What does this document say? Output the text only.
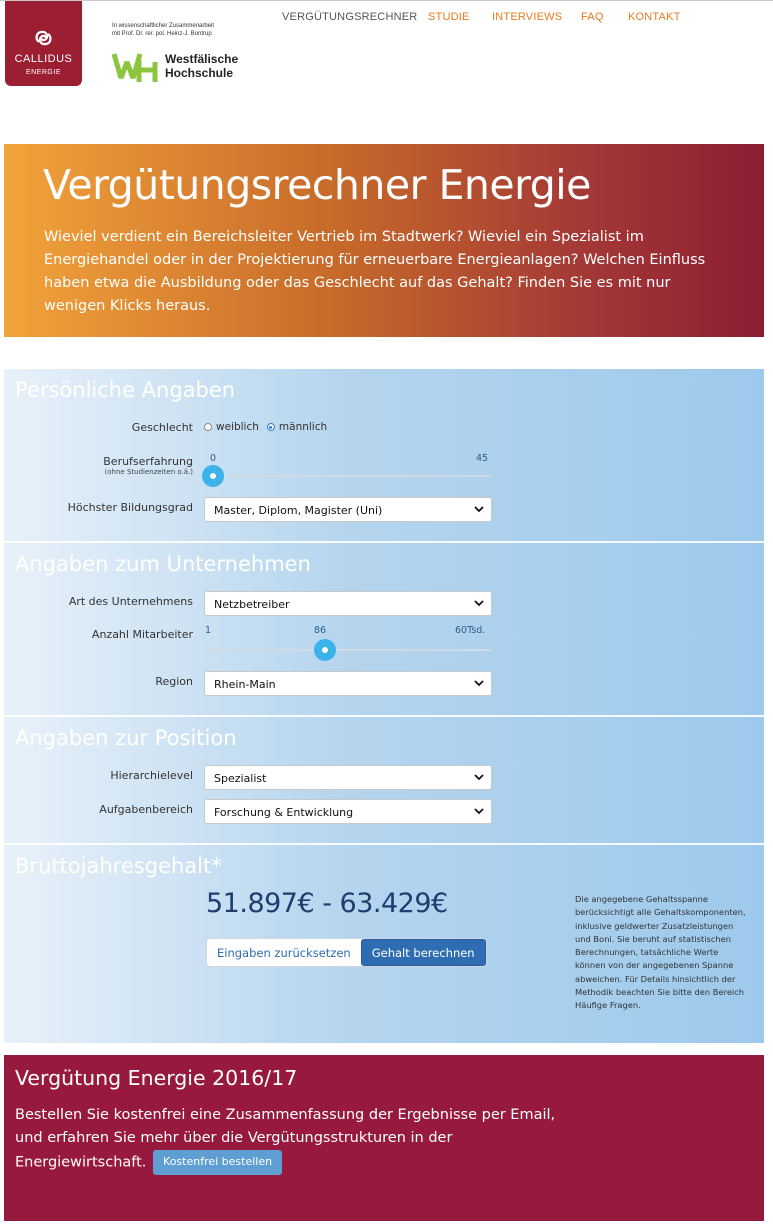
CALLIDUS
ENERGIE
In wissenschaftlicher Zusammenarbeit
mit Prof. Dr. rer. pol. Heinz-J. Bontrup
Westfälische
Hochschule
VERGÜTUNGSRECHNER STUDIE INTERVIEWS FAQ KONTAKT
Vergütungsrechner Energie

Wieviel verdient ein Bereichsleiter Vertrieb im Stadtwerk? Wieviel ein Spezialist im Energiehandel oder in der Projektierung für erneuerbare Energieanlagen? Welchen Einfluss haben etwa die Ausbildung oder das Geschlecht auf das Gehalt? Finden Sie es mit nur wenigen Klicks heraus.

Persönliche Angaben
Geschlecht weiblich männlich
Berufserfahrung
(ohne Studienzeiten o.ä.)
0	45
Höchster Bildungsgrad	Master, Diplom, Magister (Uni)
Angaben zum Unternehmen
Art des Unternehmens	Netzbetreiber
Anzahl Mitarbeiter 1	86	60Tsd.
Region	Rhein-Main
Angaben zur Position
Hierarchielevel	Spezialist
Aufgabenbereich	Forschung & Entwicklung
Bruttojahresgehalt*
51.897€ - 63.429€
Eingaben zurücksetzen	Gehalt berechnen
Die angegebene Gehaltsspanne berücksichtigt alle Gehaltskomponenten, inklusive geldwerter Zusatzleistungen und Boni. Sie beruht auf statistischen Berechnungen, tatsächliche Werte können von der angegebenen Spanne abweichen. Für Details hinsichtlich der Methodik beachten Sie bitte den Bereich Häufige Fragen.
Vergütung Energie 2016/17

Bestellen Sie kostenfrei eine Zusammenfassung der Ergebnisse per Email, und erfahren Sie mehr über die Vergütungsstrukturen in der Energiewirtschaft. Kostenfrei bestellen
